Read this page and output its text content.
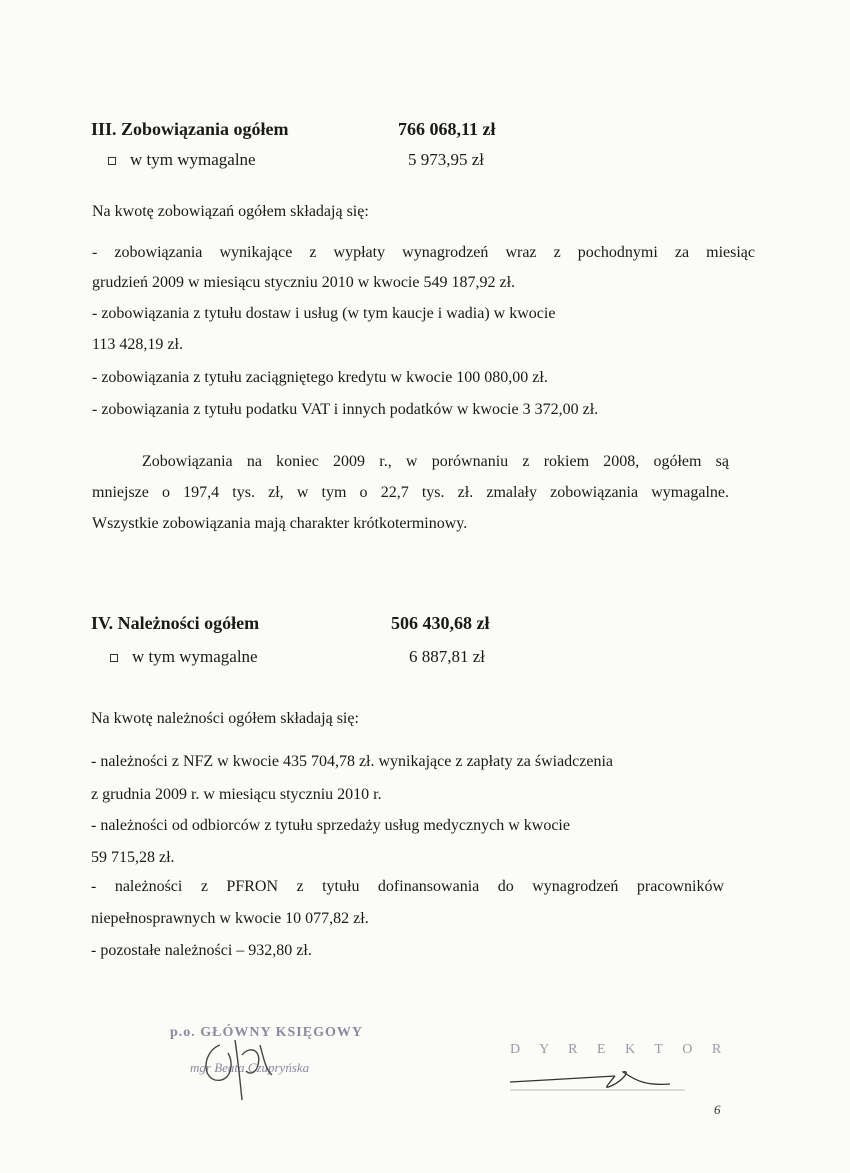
III. Zobowiązania ogółem	766 068,11 zł
w tym wymagalne	5 973,95 zł
Na kwotę zobowiązań ogółem składają się:
- zobowiązania wynikające z wypłaty wynagrodzeń wraz z pochodnymi za miesiąc
grudzień 2009 w miesiącu styczniu 2010 w kwocie 549 187,92 zł.
- zobowiązania z tytułu dostaw i usług (w tym kaucje i wadia) w kwocie
113 428,19 zł.
- zobowiązania z tytułu zaciągniętego kredytu w kwocie 100 080,00 zł.
- zobowiązania z tytułu podatku VAT i innych podatków w kwocie 3 372,00 zł.
Zobowiązania na koniec 2009 r., w porównaniu z rokiem 2008, ogółem są
mniejsze o 197,4 tys. zł, w tym o 22,7 tys. zł. zmalały zobowiązania wymagalne.
Wszystkie zobowiązania mają charakter krótkoterminowy.
IV. Należności ogółem	506 430,68 zł
w tym wymagalne	6 887,81 zł
Na kwotę należności ogółem składają się:
- należności z NFZ w kwocie 435 704,78 zł. wynikające z zapłaty za świadczenia
z grudnia 2009 r. w miesiącu styczniu 2010 r.
- należności od odbiorców z tytułu sprzedaży usług medycznych w kwocie
59 715,28 zł.
- należności z PFRON z tytułu dofinansowania do wynagrodzeń pracowników
niepełnosprawnych w kwocie 10 077,82 zł.
- pozostałe należności – 932,80 zł.
p.o. GŁÓWNY KSIĘGOWY
mgr Beata Czupryńska
D Y R E K T O R
6
